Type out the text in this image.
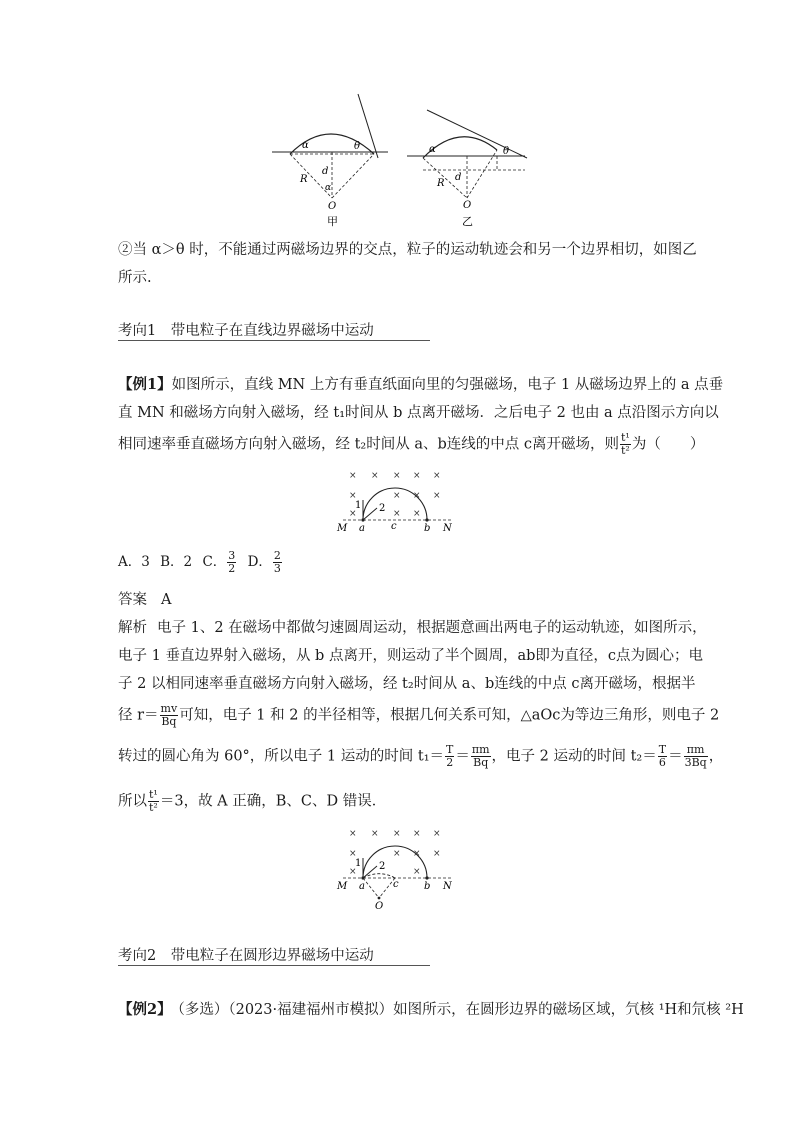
α	θ
d
R
α
O
甲
α	θ
d
R
O
乙
②当 α＞θ 时，不能通过两磁场边界的交点，粒子的运动轨迹会和另一个边界相切，如图乙
所示.
考向1　带电粒子在直线边界磁场中运动
【例1】如图所示，直线 MN 上方有垂直纸面向里的匀强磁场，电子 1 从磁场边界上的 a 点垂
直 MN 和磁场方向射入磁场，经 t₁时间从 b 点离开磁场．之后电子 2 也由 a 点沿图示方向以
相同速率垂直磁场方向射入磁场，经 t₂时间从 a、b连线的中点 c离开磁场，则 $\frac{\text{t¹}}{\text{t²}}$ 为（　　）
× × × × ×
×	× × ×
×	× ×
1 2
M a	c	b N
A．3 B．2 C． $\frac{3}{2}$ D． $\frac{2}{3}$
答案 A
解析 电子 1、2 在磁场中都做匀速圆周运动，根据题意画出两电子的运动轨迹，如图所示，
电子 1 垂直边界射入磁场，从 b 点离开，则运动了半个圆周，ab即为直径，c点为圆心；电
子 2 以相同速率垂直磁场方向射入磁场，经 t₂时间从 a、b连线的中点 c离开磁场，根据半
径 $r= \frac{mv}{Bq}$ 可知，电子 1 和 2 的半径相等，根据几何关系可知，△aOc为等边三角形，则电子 2
转过的圆心角为 60°，所以电子 1 运动的时间 $t_1= \frac{T}{2} = \frac{\pi m}{Bq}$ ，电子 2 运动的时间 $t_2= \frac{T}{6} = \frac{\pi m}{3Bq}$ ，
所以 $\frac{\text{t¹}}{\text{t²}} =3$，故 A 正确，B、C、D 错误．
× × × × ×
×	× × ×
×	×
1 2
M a	c	b N
O
考向2　带电粒子在圆形边界磁场中运动
【例2】 （多选）（2023·福建福州市模拟）如图所示，在圆形边界的磁场区域，氕核 ¹H和氘核 ²H
